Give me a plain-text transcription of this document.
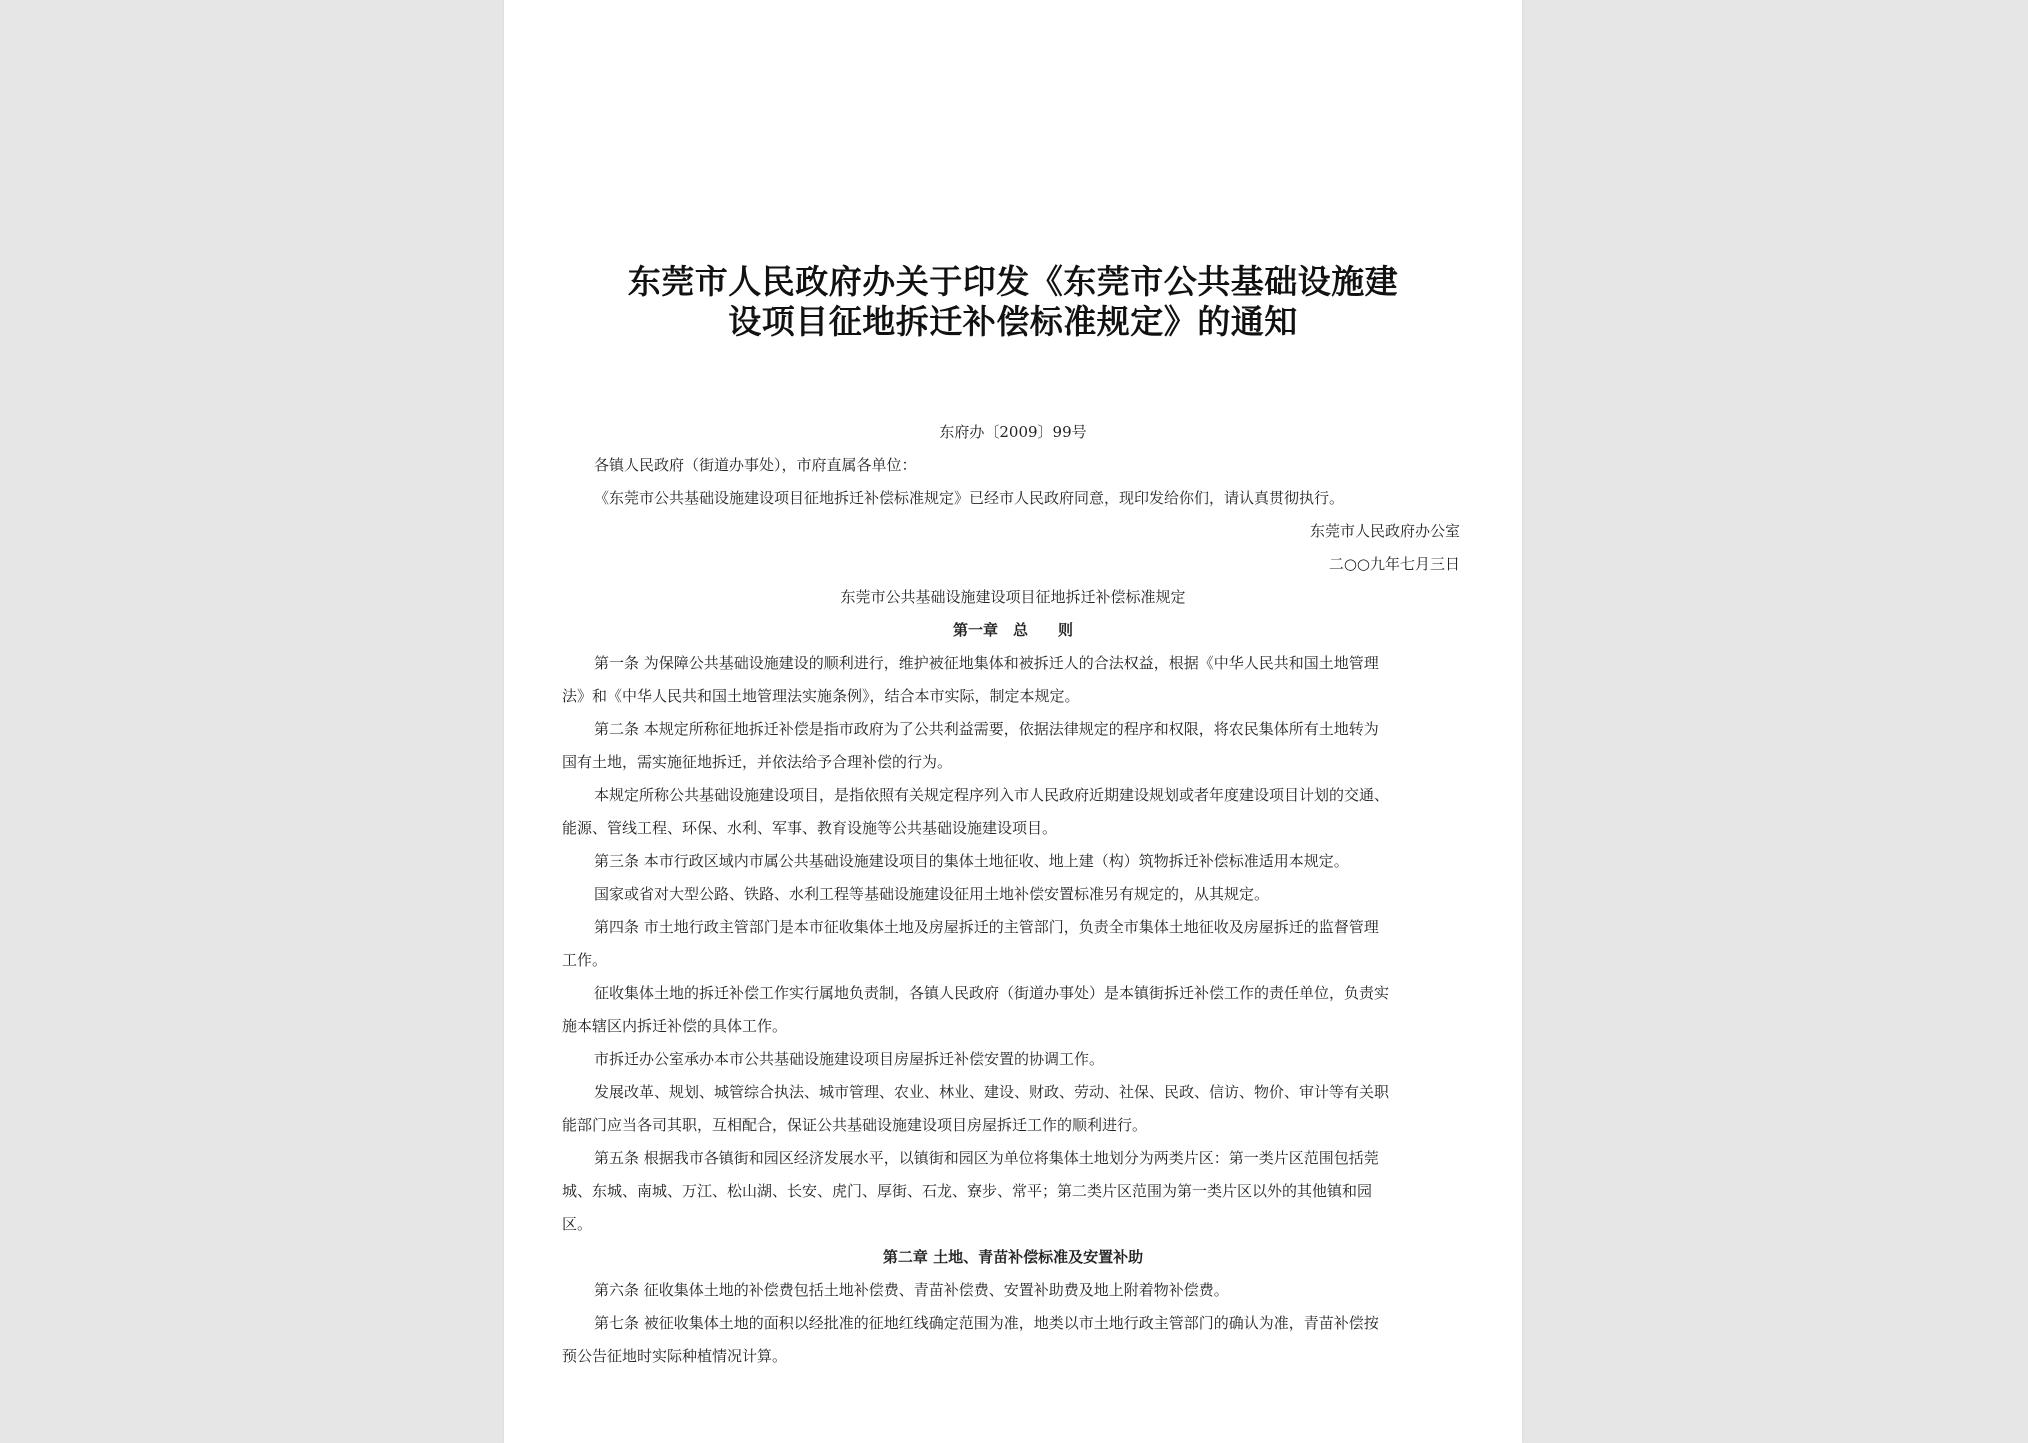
东莞市人民政府办关于印发《东莞市公共基础设施建
设项目征地拆迁补偿标准规定》的通知
东府办〔2009〕99号
各镇人民政府（街道办事处），市府直属各单位：
《东莞市公共基础设施建设项目征地拆迁补偿标准规定》已经市人民政府同意，现印发给你们，请认真贯彻执行。
东莞市人民政府办公室
二○○九年七月三日
东莞市公共基础设施建设项目征地拆迁补偿标准规定
第一章　总　　则
第一条 为保障公共基础设施建设的顺利进行，维护被征地集体和被拆迁人的合法权益，根据《中华人民共和国土地管理
法》和《中华人民共和国土地管理法实施条例》，结合本市实际，制定本规定。
第二条 本规定所称征地拆迁补偿是指市政府为了公共利益需要，依据法律规定的程序和权限，将农民集体所有土地转为
国有土地，需实施征地拆迁，并依法给予合理补偿的行为。
本规定所称公共基础设施建设项目，是指依照有关规定程序列入市人民政府近期建设规划或者年度建设项目计划的交通、
能源、管线工程、环保、水利、军事、教育设施等公共基础设施建设项目。
第三条 本市行政区域内市属公共基础设施建设项目的集体土地征收、地上建（构）筑物拆迁补偿标准适用本规定。
国家或省对大型公路、铁路、水利工程等基础设施建设征用土地补偿安置标准另有规定的，从其规定。
第四条 市土地行政主管部门是本市征收集体土地及房屋拆迁的主管部门，负责全市集体土地征收及房屋拆迁的监督管理
工作。
征收集体土地的拆迁补偿工作实行属地负责制，各镇人民政府（街道办事处）是本镇街拆迁补偿工作的责任单位，负责实
施本辖区内拆迁补偿的具体工作。
市拆迁办公室承办本市公共基础设施建设项目房屋拆迁补偿安置的协调工作。
发展改革、规划、城管综合执法、城市管理、农业、林业、建设、财政、劳动、社保、民政、信访、物价、审计等有关职
能部门应当各司其职，互相配合，保证公共基础设施建设项目房屋拆迁工作的顺利进行。
第五条 根据我市各镇街和园区经济发展水平，以镇街和园区为单位将集体土地划分为两类片区：第一类片区范围包括莞
城、东城、南城、万江、松山湖、长安、虎门、厚街、石龙、寮步、常平；第二类片区范围为第一类片区以外的其他镇和园
区。
第二章 土地、青苗补偿标准及安置补助
第六条 征收集体土地的补偿费包括土地补偿费、青苗补偿费、安置补助费及地上附着物补偿费。
第七条 被征收集体土地的面积以经批准的征地红线确定范围为准，地类以市土地行政主管部门的确认为准，青苗补偿按
预公告征地时实际种植情况计算。
